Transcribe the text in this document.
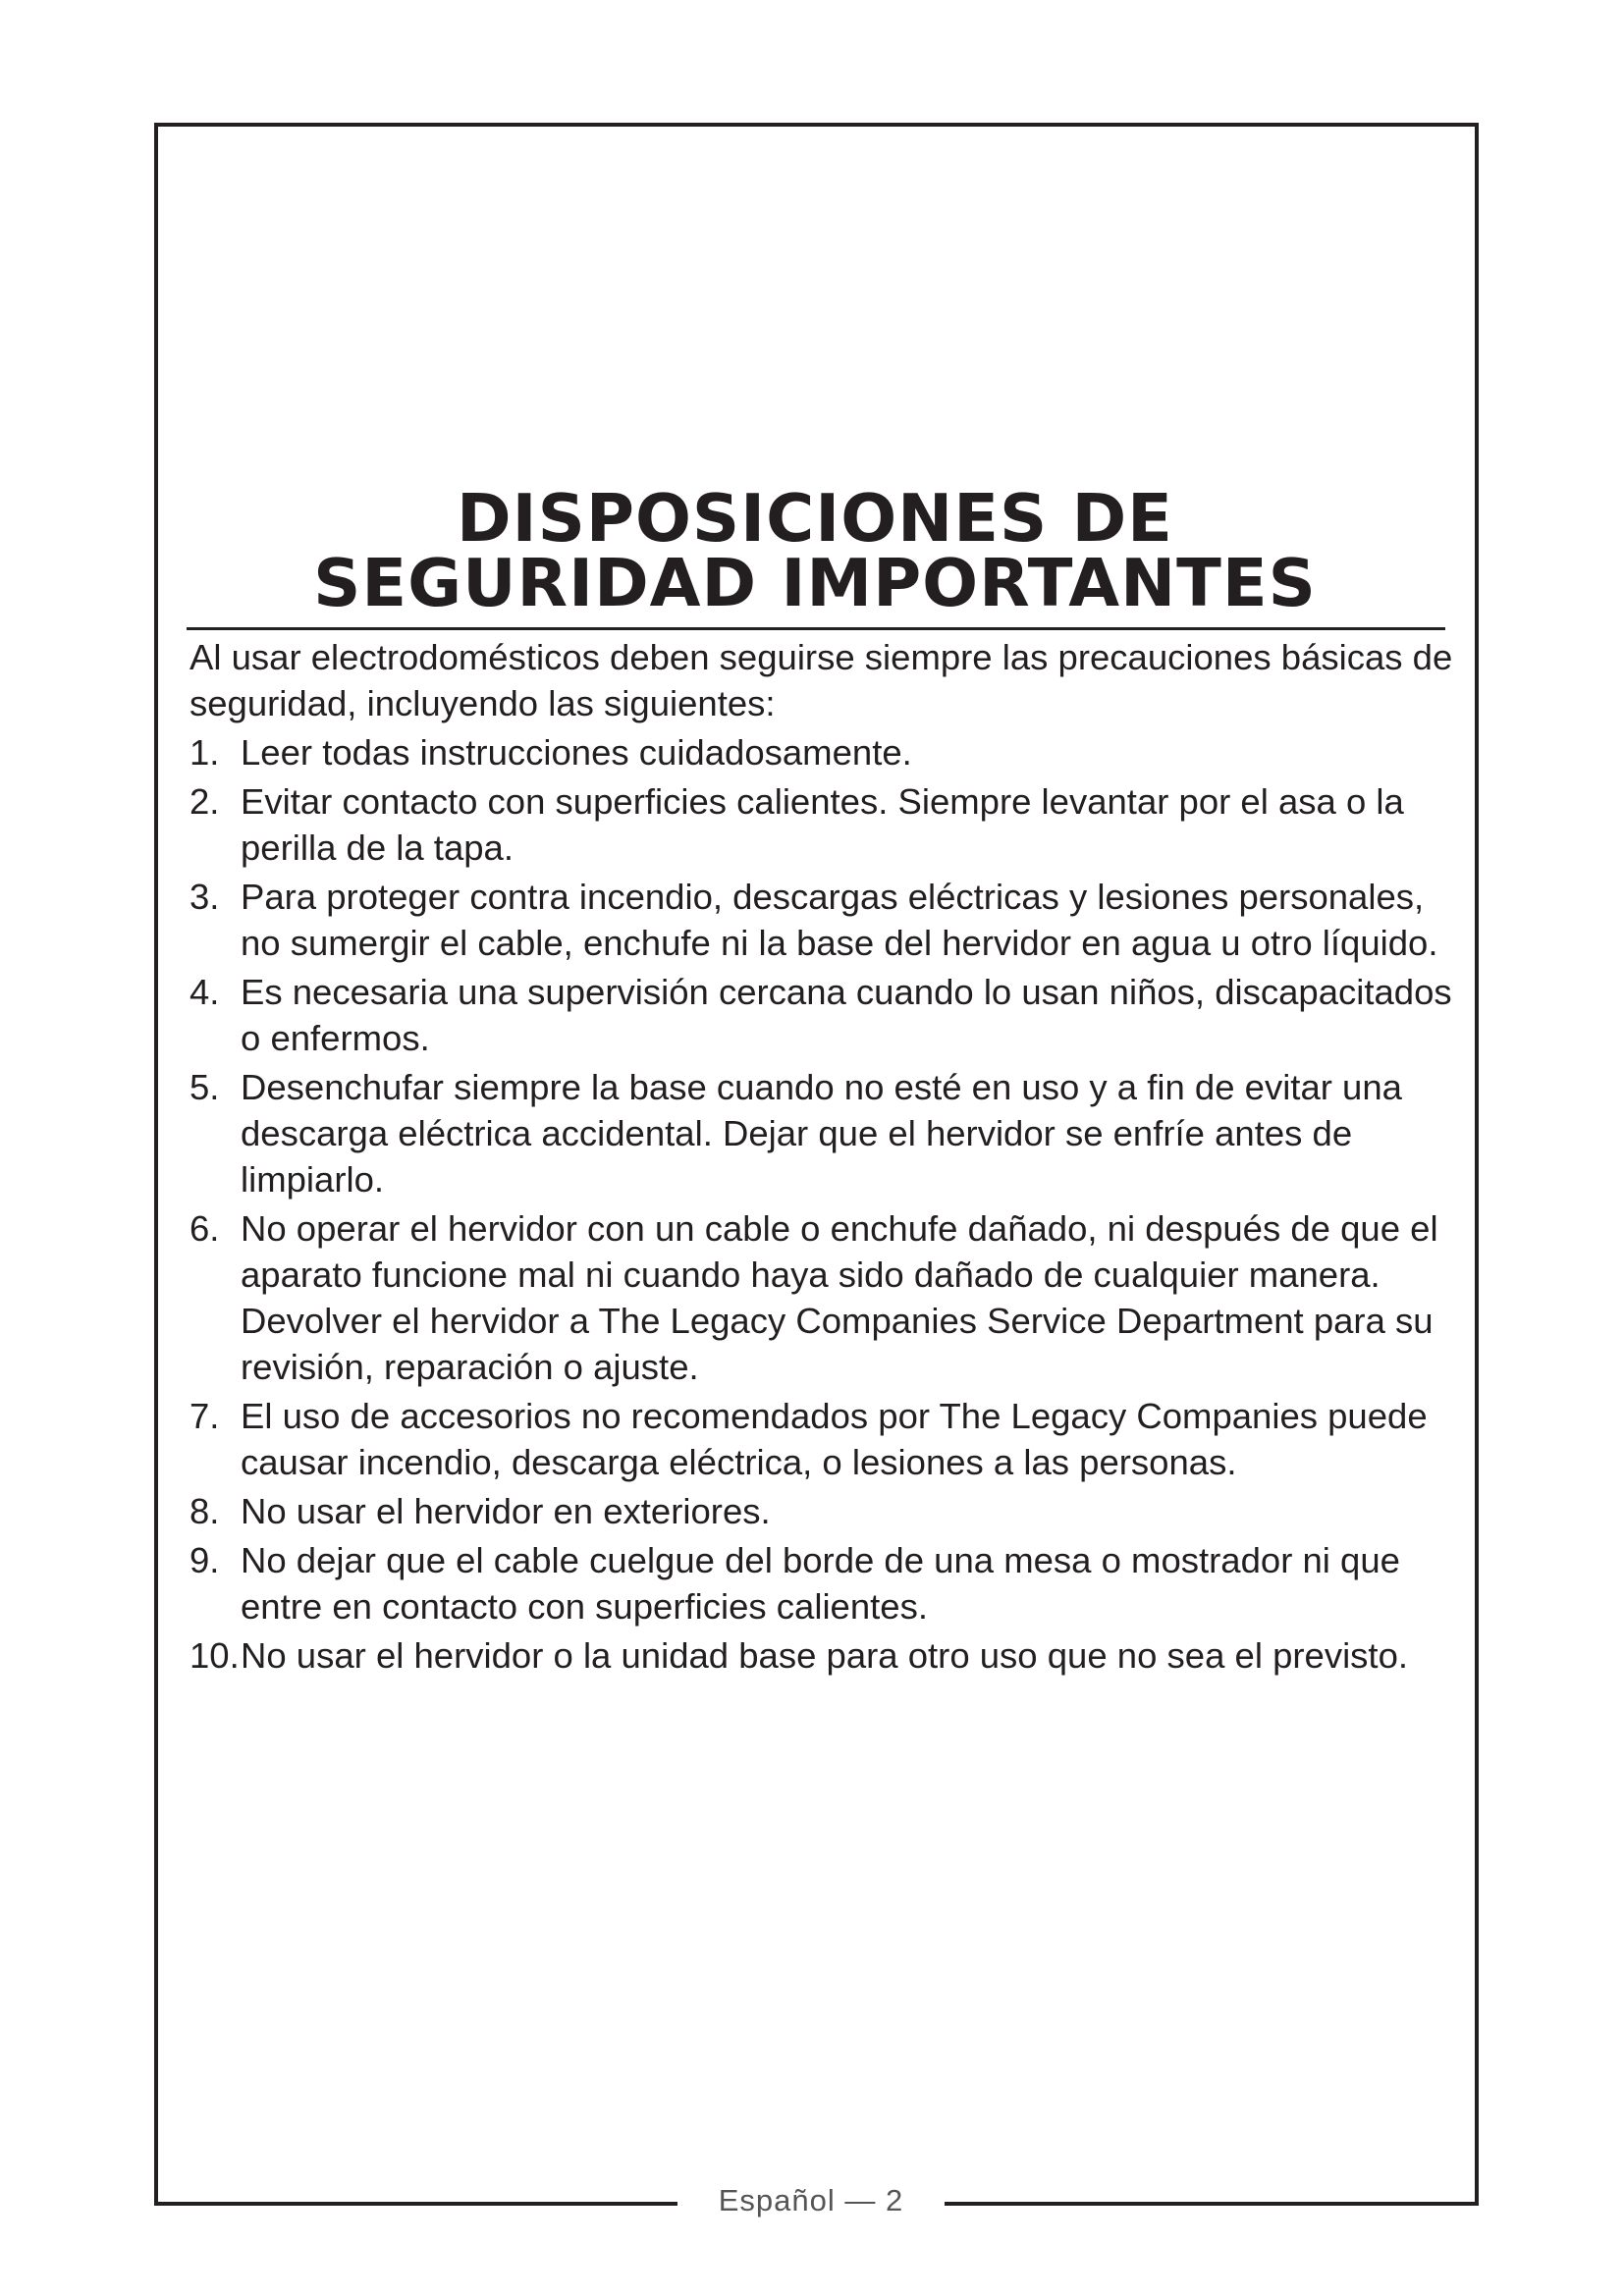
DISPOSICIONES DE
SEGURIDAD IMPORTANTES

Al usar electrodomésticos deben seguirse siempre las precauciones básicas de seguridad, incluyendo las siguientes:

1. Leer todas instrucciones cuidadosamente.
2. Evitar contacto con superficies calientes. Siempre levantar por el asa o la perilla de la tapa.
3. Para proteger contra incendio, descargas eléctricas y lesiones personales, no sumergir el cable, enchufe ni la base del hervidor en agua u otro líquido.
4. Es necesaria una supervisión cercana cuando lo usan niños, discapacitados o enfermos.
5. Desenchufar siempre la base cuando no esté en uso y a fin de evitar una descarga eléctrica accidental. Dejar que el hervidor se enfríe antes de limpiarlo.
6. No operar el hervidor con un cable o enchufe dañado, ni después de que el aparato funcione mal ni cuando haya sido dañado de cualquier manera. Devolver el hervidor a The Legacy Companies Service Department para su revisión, reparación o ajuste.
7. El uso de accesorios no recomendados por The Legacy Companies puede causar incendio, descarga eléctrica, o lesiones a las personas.
8. No usar el hervidor en exteriores.
9. No dejar que el cable cuelgue del borde de una mesa o mostrador ni que entre en contacto con superficies calientes.
10. No usar el hervidor o la unidad base para otro uso que no sea el previsto.
Español — 2
